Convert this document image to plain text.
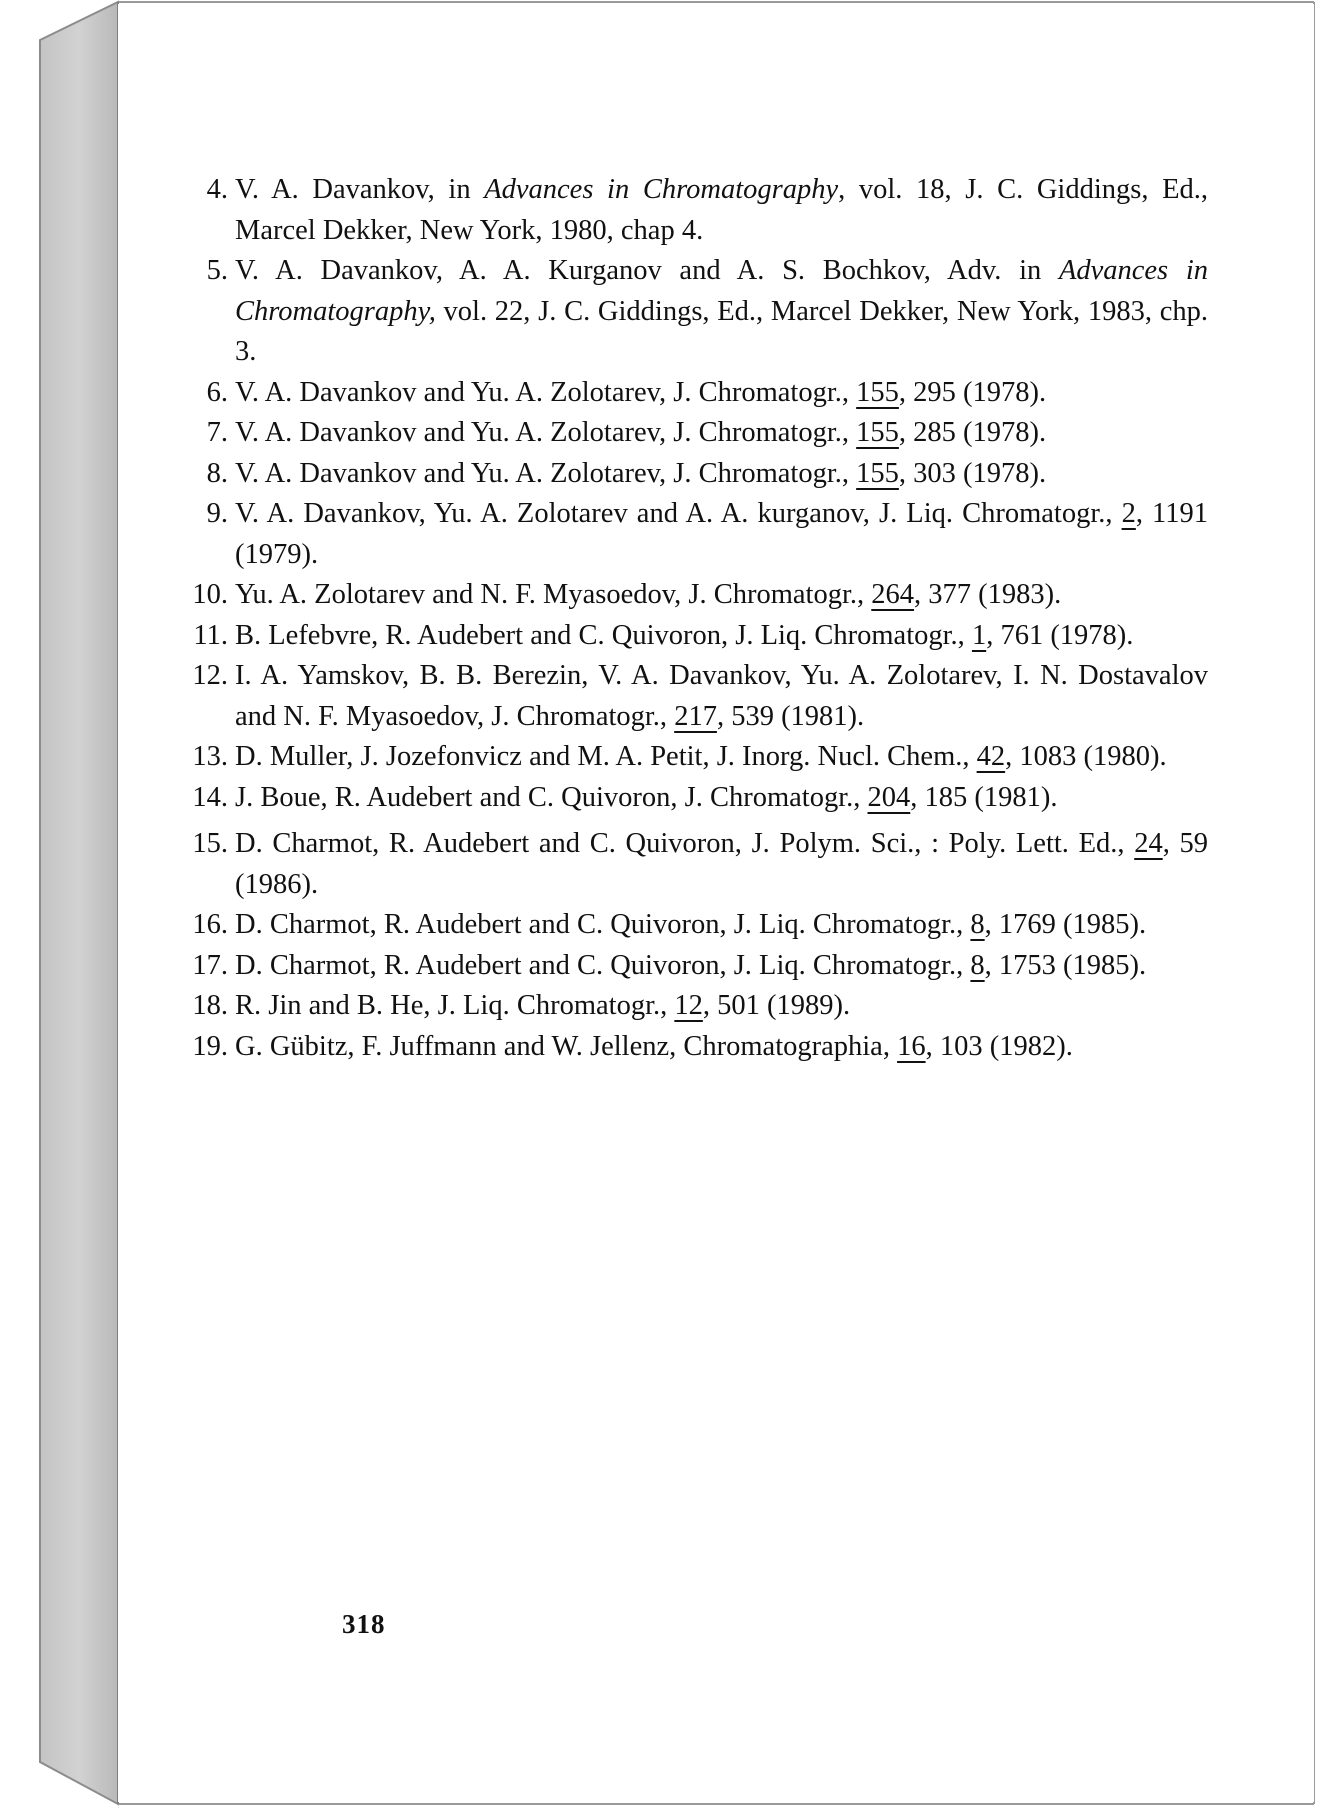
4. V. A. Davankov, in Advances in Chromatography, vol. 18, J. C. Giddings, Ed., Marcel Dekker, New York, 1980, chap 4.
5. V. A. Davankov, A. A. Kurganov and A. S. Bochkov, Adv. in Advances in Chromatography, vol. 22, J. C. Giddings, Ed., Marcel Dekker, New York, 1983, chp. 3.
6. V. A. Davankov and Yu. A. Zolotarev, J. Chromatogr., 155, 295 (1978).
7. V. A. Davankov and Yu. A. Zolotarev, J. Chromatogr., 155, 285 (1978).
8. V. A. Davankov and Yu. A. Zolotarev, J. Chromatogr., 155, 303 (1978).
9. V. A. Davankov, Yu. A. Zolotarev and A. A. kurganov, J. Liq. Chromatogr., 2, 1191 (1979).
10. Yu. A. Zolotarev and N. F. Myasoedov, J. Chromatogr., 264, 377 (1983).
11. B. Lefebvre, R. Audebert and C. Quivoron, J. Liq. Chromatogr., 1, 761 (1978).
12. I. A. Yamskov, B. B. Berezin, V. A. Davankov, Yu. A. Zolotarev, I. N. Dostavalov and N. F. Myasoedov, J. Chromatogr., 217, 539 (1981).
13. D. Muller, J. Jozefonvicz and M. A. Petit, J. Inorg. Nucl. Chem., 42, 1083 (1980).
14. J. Boue, R. Audebert and C. Quivoron, J. Chromatogr., 204, 185 (1981).
15. D. Charmot, R. Audebert and C. Quivoron, J. Polym. Sci., : Poly. Lett. Ed., 24, 59 (1986).
16. D. Charmot, R. Audebert and C. Quivoron, J. Liq. Chromatogr., 8, 1769 (1985).
17. D. Charmot, R. Audebert and C. Quivoron, J. Liq. Chromatogr., 8, 1753 (1985).
18. R. Jin and B. He, J. Liq. Chromatogr., 12, 501 (1989).
19. G. Gübitz, F. Juffmann and W. Jellenz, Chromatographia, 16, 103 (1982).
318
